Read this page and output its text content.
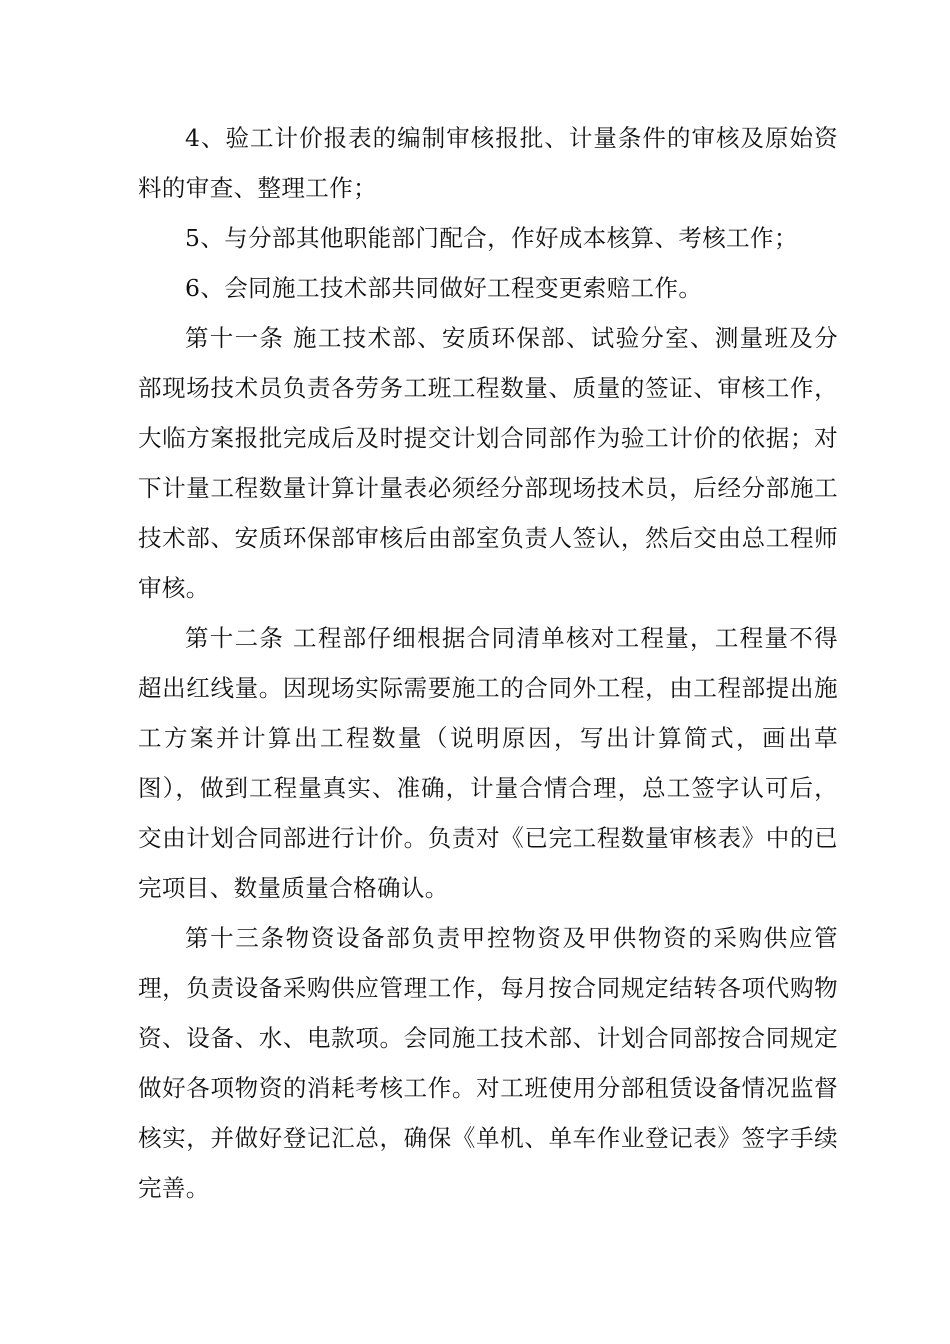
4、验工计价报表的编制审核报批、计量条件的审核及原始资料的审查、整理工作；

5、与分部其他职能部门配合，作好成本核算、考核工作；

6、会同施工技术部共同做好工程变更索赔工作。

第十一条 施工技术部、安质环保部、试验分室、测量班及分部现场技术员负责各劳务工班工程数量、质量的签证、审核工作，大临方案报批完成后及时提交计划合同部作为验工计价的依据；对下计量工程数量计算计量表必须经分部现场技术员，后经分部施工技术部、安质环保部审核后由部室负责人签认，然后交由总工程师审核。

第十二条 工程部仔细根据合同清单核对工程量，工程量不得超出红线量。因现场实际需要施工的合同外工程，由工程部提出施工方案并计算出工程数量（说明原因，写出计算简式，画出草图），做到工程量真实、准确，计量合情合理，总工签字认可后，交由计划合同部进行计价。负责对《已完工程数量审核表》中的已完项目、数量质量合格确认。

第十三条物资设备部负责甲控物资及甲供物资的采购供应管理，负责设备采购供应管理工作，每月按合同规定结转各项代购物资、设备、水、电款项。会同施工技术部、计划合同部按合同规定做好各项物资的消耗考核工作。对工班使用分部租赁设备情况监督核实，并做好登记汇总，确保《单机、单车作业登记表》签字手续完善。
